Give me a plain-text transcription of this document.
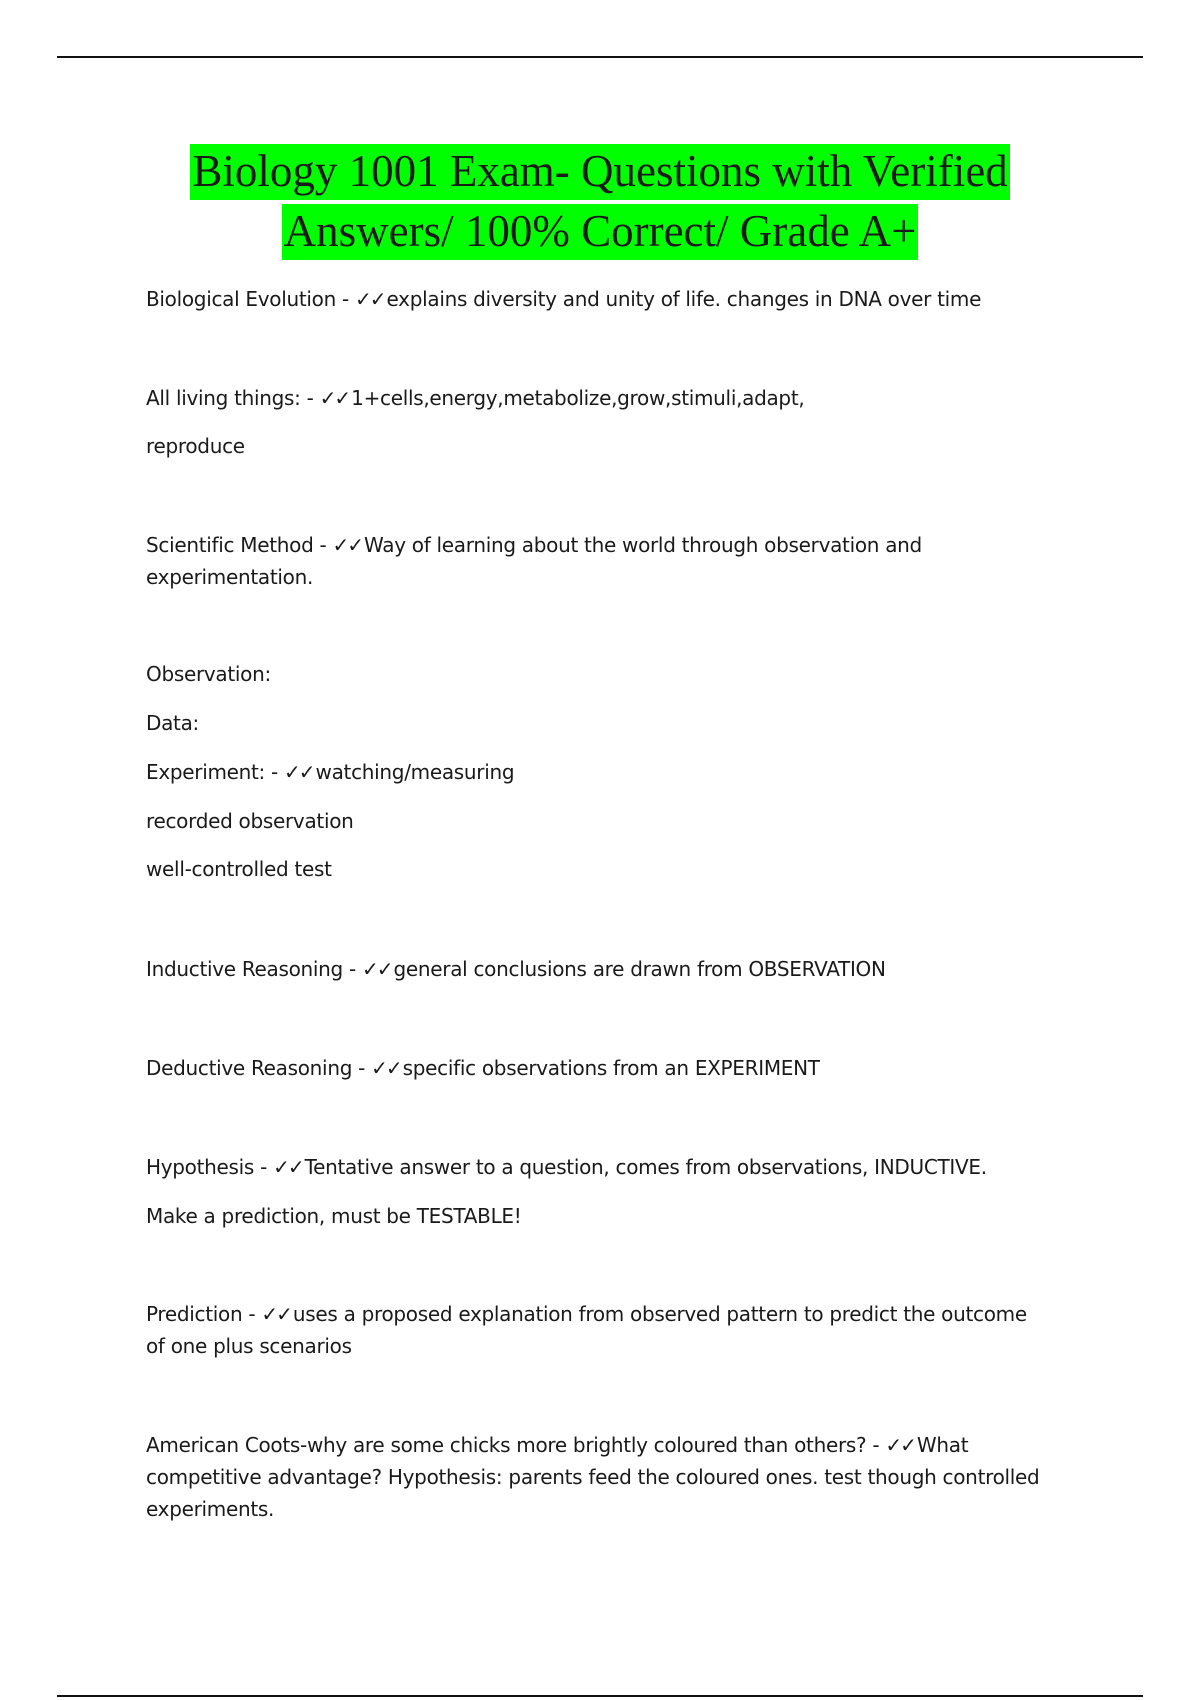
Biology 1001 Exam- Questions with Verified
Answers/ 100% Correct/ Grade A+
Biological Evolution - ✓✓ explains diversity and unity of life. changes in DNA over time
All living things: - ✓✓ 1+cells,energy,metabolize,grow,stimuli,adapt,
reproduce
Scientific Method - ✓✓ Way of learning about the world through observation and
experimentation.
Observation:
Data:
Experiment: - ✓✓ watching/measuring
recorded observation
well-controlled test
Inductive Reasoning - ✓✓ general conclusions are drawn from OBSERVATION
Deductive Reasoning - ✓✓ specific observations from an EXPERIMENT
Hypothesis - ✓✓ Tentative answer to a question, comes from observations, INDUCTIVE.
Make a prediction, must be TESTABLE!
Prediction - ✓✓ uses a proposed explanation from observed pattern to predict the outcome
of one plus scenarios
American Coots-why are some chicks more brightly coloured than others? - ✓✓ What
competitive advantage? Hypothesis: parents feed the coloured ones. test though controlled
experiments.
